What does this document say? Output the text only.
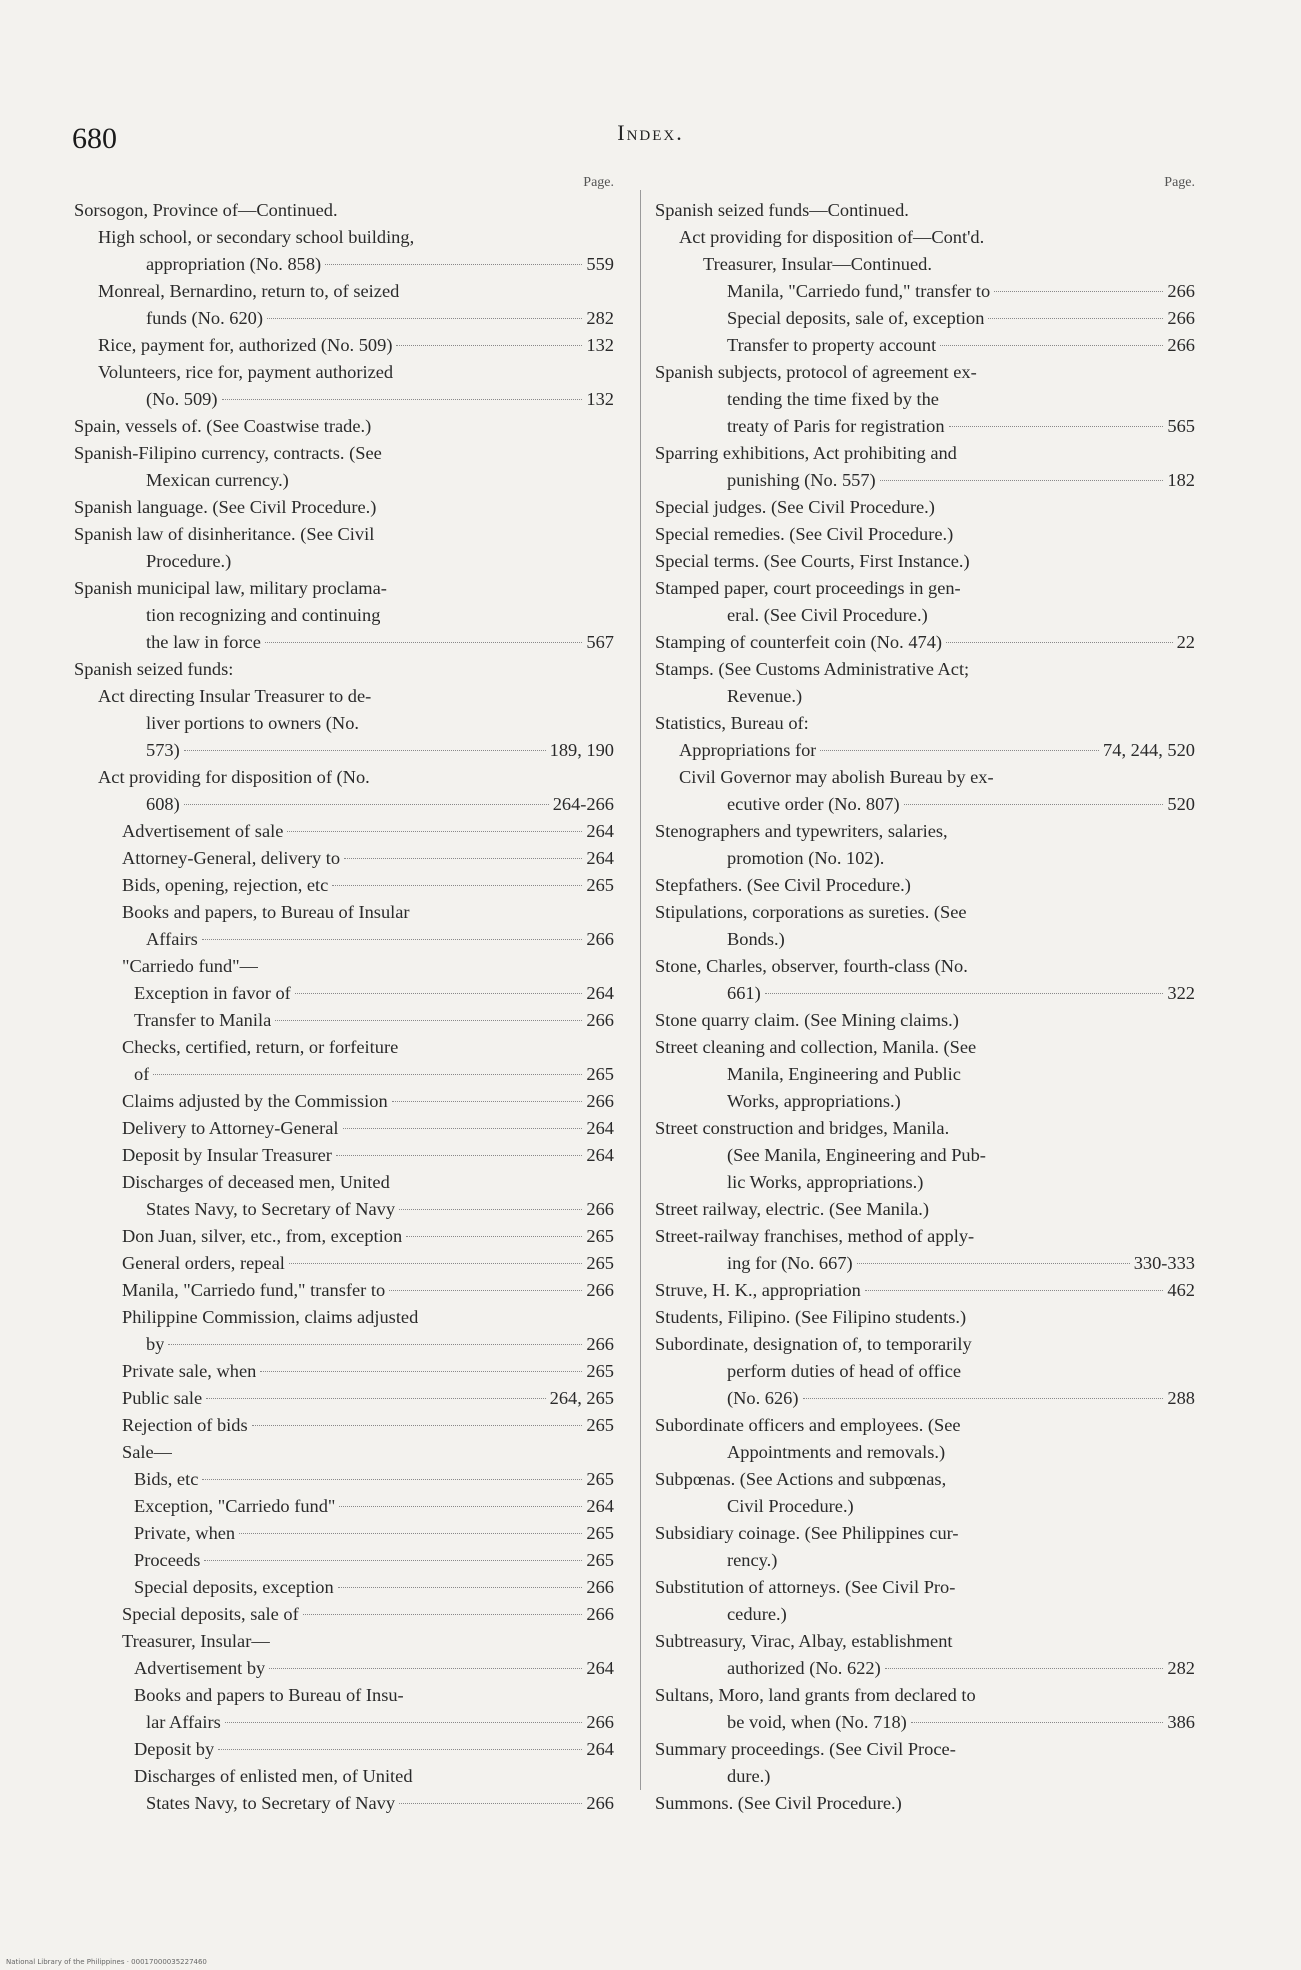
680	Index.
Page.
Sorsogon, Province of—Continued.
High school, or secondary school building,
appropriation (No. 858)	559
Monreal, Bernardino, return to, of seized
funds (No. 620)	282
Rice, payment for, authorized (No. 509)	132
Volunteers, rice for, payment authorized
(No. 509)	132
Spain, vessels of. (See Coastwise trade.)
Spanish-Filipino currency, contracts. (See
Mexican currency.)
Spanish language. (See Civil Procedure.)
Spanish law of disinheritance. (See Civil
Procedure.)
Spanish municipal law, military proclama-
tion recognizing and continuing
the law in force	567
Spanish seized funds:
Act directing Insular Treasurer to de-
liver portions to owners (No.
573)	189, 190
Act providing for disposition of (No.
608)	264-266
Advertisement of sale	264
Attorney-General, delivery to	264
Bids, opening, rejection, etc	265
Books and papers, to Bureau of Insular
Affairs	266
"Carriedo fund"—
Exception in favor of	264
Transfer to Manila	266
Checks, certified, return, or forfeiture
of	265
Claims adjusted by the Commission	266
Delivery to Attorney-General	264
Deposit by Insular Treasurer	264
Discharges of deceased men, United
States Navy, to Secretary of Navy	266
Don Juan, silver, etc., from, exception	265
General orders, repeal	265
Manila, "Carriedo fund," transfer to	266
Philippine Commission, claims adjusted
by	266
Private sale, when	265
Public sale	264, 265
Rejection of bids	265
Sale—
Bids, etc	265
Exception, "Carriedo fund"	264
Private, when	265
Proceeds	265
Special deposits, exception	266
Special deposits, sale of	266
Treasurer, Insular—
Advertisement by	264
Books and papers to Bureau of Insu-
lar Affairs	266
Deposit by	264
Discharges of enlisted men, of United
States Navy, to Secretary of Navy	266
Page.
Spanish seized funds—Continued.
Act providing for disposition of—Cont'd.
Treasurer, Insular—Continued.
Manila, "Carriedo fund," transfer to	266
Special deposits, sale of, exception	266
Transfer to property account	266
Spanish subjects, protocol of agreement ex-
tending the time fixed by the
treaty of Paris for registration	565
Sparring exhibitions, Act prohibiting and
punishing (No. 557)	182
Special judges. (See Civil Procedure.)
Special remedies. (See Civil Procedure.)
Special terms. (See Courts, First Instance.)
Stamped paper, court proceedings in gen-
eral. (See Civil Procedure.)
Stamping of counterfeit coin (No. 474)	22
Stamps. (See Customs Administrative Act;
Revenue.)
Statistics, Bureau of:
Appropriations for	74, 244, 520
Civil Governor may abolish Bureau by ex-
ecutive order (No. 807)	520
Stenographers and typewriters, salaries,
promotion (No. 102).
Stepfathers. (See Civil Procedure.)
Stipulations, corporations as sureties. (See
Bonds.)
Stone, Charles, observer, fourth-class (No.
661)	322
Stone quarry claim. (See Mining claims.)
Street cleaning and collection, Manila. (See
Manila, Engineering and Public
Works, appropriations.)
Street construction and bridges, Manila.
(See Manila, Engineering and Pub-
lic Works, appropriations.)
Street railway, electric. (See Manila.)
Street-railway franchises, method of apply-
ing for (No. 667)	330-333
Struve, H. K., appropriation	462
Students, Filipino. (See Filipino students.)
Subordinate, designation of, to temporarily
perform duties of head of office
(No. 626)	288
Subordinate officers and employees. (See
Appointments and removals.)
Subpœnas. (See Actions and subpœnas,
Civil Procedure.)
Subsidiary coinage. (See Philippines cur-
rency.)
Substitution of attorneys. (See Civil Pro-
cedure.)
Subtreasury, Virac, Albay, establishment
authorized (No. 622)	282
Sultans, Moro, land grants from declared to
be void, when (No. 718)	386
Summary proceedings. (See Civil Proce-
dure.)
Summons. (See Civil Procedure.)
National Library of the Philippines · 00017000035227460
